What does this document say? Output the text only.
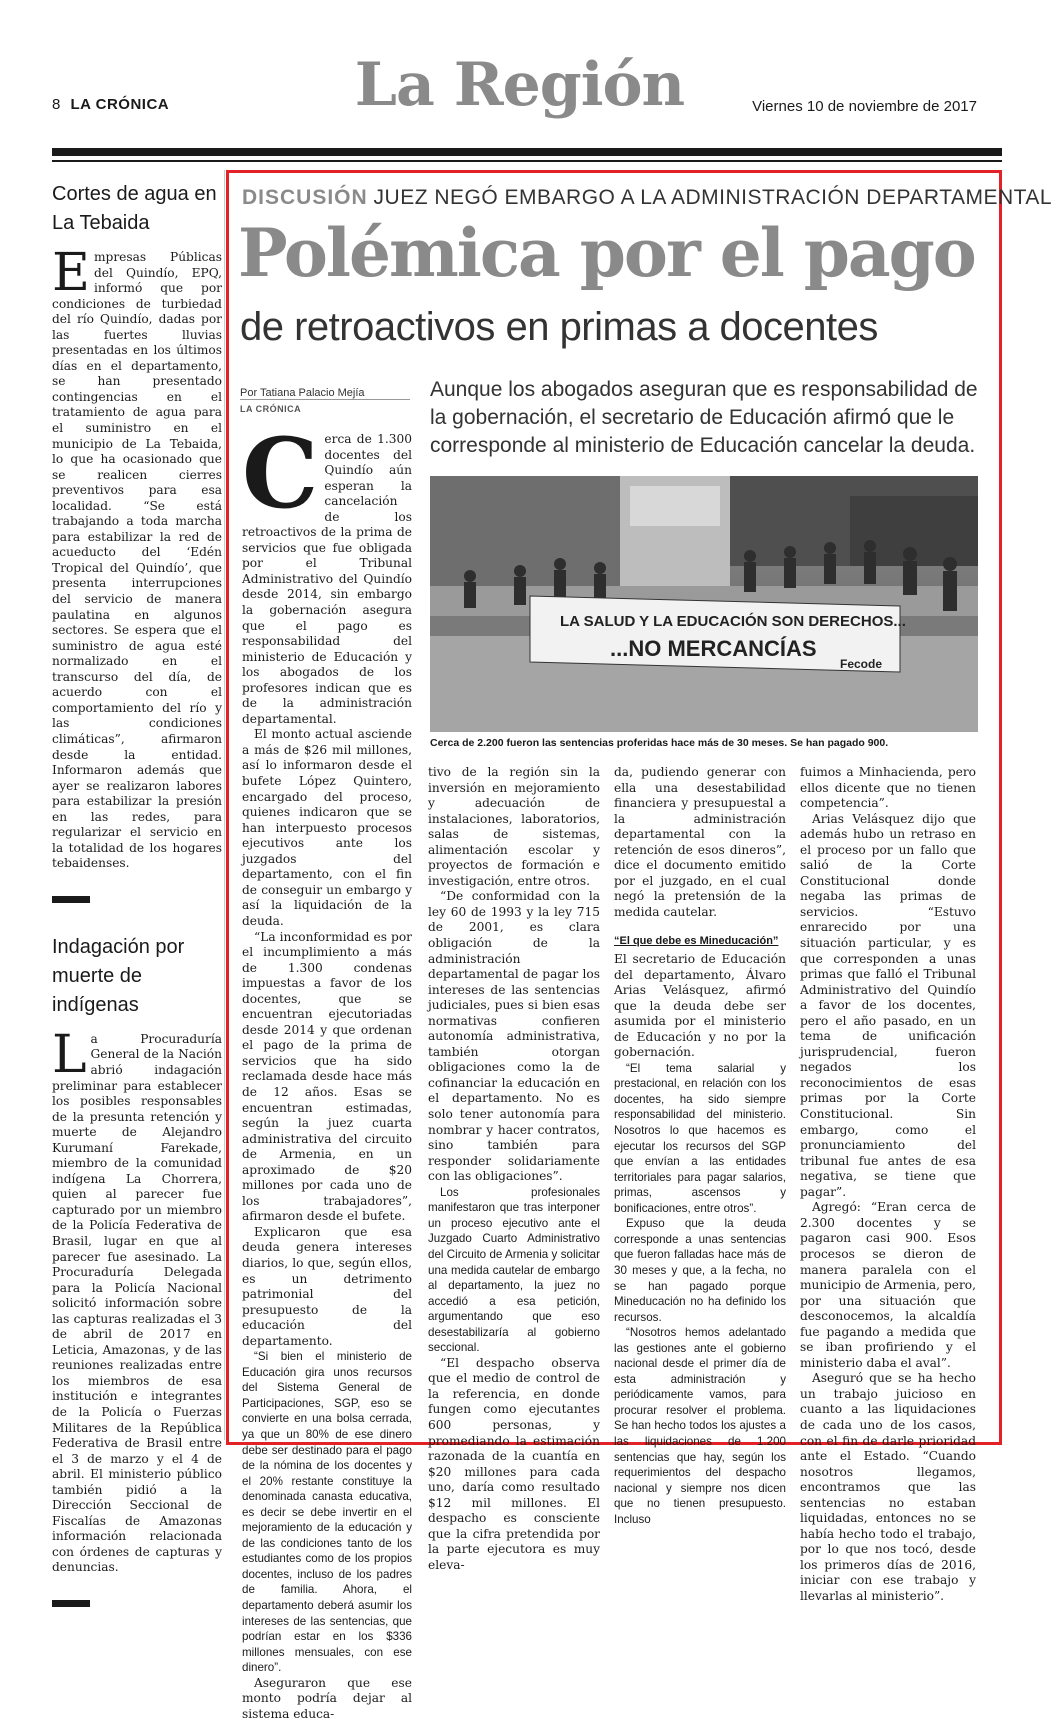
8 LA CRÓNICA	La Región	Viernes 10 de noviembre de 2017
Cortes de agua en La Tebaida

Empresas Públicas del Quindío, EPQ, informó que por condiciones de turbiedad del río Quindío, dadas por las fuertes lluvias presentadas en los últimos días en el departamento, se han presentado contingencias en el tratamiento de agua para el suministro en el municipio de La Tebaida, lo que ha ocasionado que se realicen cierres preventivos para esa localidad. “Se está trabajando a toda marcha para estabilizar la red de acueducto del ‘Edén Tropical del Quindío’, que presenta interrupciones del servicio de manera paulatina en algunos sectores. Se espera que el suministro de agua esté normalizado en el transcurso del día, de acuerdo con el comportamiento del río y las condiciones climáticas”, afirmaron desde la entidad. Informaron además que ayer se realizaron labores para estabilizar la presión en las redes, para regularizar el servicio en la totalidad de los hogares tebaidenses.

Indagación por muerte de indígenas

La Procuraduría General de la Nación abrió indagación preliminar para establecer los posibles responsables de la presunta retención y muerte de Alejandro Kurumaní Farekade, miembro de la comunidad indígena La Chorrera, quien al parecer fue capturado por un miembro de la Policía Federativa de Brasil, lugar en que al parecer fue asesinado. La Procuraduría Delegada para la Policía Nacional solicitó información sobre las capturas realizadas el 3 de abril de 2017 en Leticia, Amazonas, y de las reuniones realizadas entre los miembros de esa institución e integrantes de la Policía o Fuerzas Militares de la República Federativa de Brasil entre el 3 de marzo y el 4 de abril. El ministerio público también pidió a la Dirección Seccional de Fiscalías de Amazonas información relacionada con órdenes de capturas y denuncias.

DISCUSIÓN JUEZ NEGÓ EMBARGO A LA ADMINISTRACIÓN DEPARTAMENTAL
Polémica por el pago
de retroactivos en primas a docentes
Por Tatiana Palacio Mejía
LA CRÓNICA
Aunque los abogados aseguran que es responsabilidad de la gobernación, el secretario de Educación afirmó que le corresponde al ministerio de Educación cancelar la deuda.
LA SALUD Y LA EDUCACIÓN SON DERECHOS...
...NO MERCANCÍAS
Fecode
Cerca de 2.200 fueron las sentencias proferidas hace más de 30 meses. Se han pagado 900.

Cerca de 1.300 docentes del Quindío aún esperan la cancelación de los retroactivos de la prima de servicios que fue obligada por el Tribunal Administrativo del Quindío desde 2014, sin embargo la gobernación asegura que el pago es responsabilidad del ministerio de Educación y los abogados de los profesores indican que es de la administración departamental.

El monto actual asciende a más de $26 mil millones, así lo informaron desde el bufete López Quintero, encargado del proceso, quienes indicaron que se han interpuesto procesos ejecutivos ante los juzgados del departamento, con el fin de conseguir un embargo y así la liquidación de la deuda.

“La inconformidad es por el incumplimiento a más de 1.300 condenas impuestas a favor de los docentes, que se encuentran ejecutoriadas desde 2014 y que ordenan el pago de la prima de servicios que ha sido reclamada desde hace más de 12 años. Esas se encuentran estimadas, según la juez cuarta administrativa del circuito de Armenia, en un aproximado de $20 millones por cada uno de los trabajadores”, afirmaron desde el bufete.

Explicaron que esa deuda genera intereses diarios, lo que, según ellos, es un detrimento patrimonial del presupuesto de la educación del departamento.

“Si bien el ministerio de Educación gira unos recursos del Sistema General de Participaciones, SGP, eso se convierte en una bolsa cerrada, ya que un 80% de ese dinero debe ser destinado para el pago de la nómina de los docentes y el 20% restante constituye la denominada canasta educativa, es decir se debe invertir en el mejoramiento de la educación y de las condiciones tanto de los estudiantes como de los propios docentes, incluso de los padres de familia. Ahora, el departamento deberá asumir los intereses de las sentencias, que podrían estar en los $336 millones mensuales, con ese dinero”.

Aseguraron que ese monto podría dejar al sistema educa-

tivo de la región sin la inversión en mejoramiento y adecuación de instalaciones, laboratorios, salas de sistemas, alimentación escolar y proyectos de formación e investigación, entre otros.

“De conformidad con la ley 60 de 1993 y la ley 715 de 2001, es clara obligación de la administración departamental de pagar los intereses de las sentencias judiciales, pues si bien esas normativas confieren autonomía administrativa, también otorgan obligaciones como la de cofinanciar la educación en el departamento. No es solo tener autonomía para nombrar y hacer contratos, sino también para responder solidariamente con las obligaciones”.

Los profesionales manifestaron que tras interponer un proceso ejecutivo ante el Juzgado Cuarto Administrativo del Circuito de Armenia y solicitar una medida cautelar de embargo al departamento, la juez no accedió a esa petición, argumentando que eso desestabilizaría al gobierno seccional.

“El despacho observa que el medio de control de la referencia, en donde fungen como ejecutantes 600 personas, y promediando la estimación razonada de la cuantía en $20 millones para cada uno, daría como resultado $12 mil millones. El despacho es consciente que la cifra pretendida por la parte ejecutora es muy eleva-

da, pudiendo generar con ella una desestabilidad financiera y presupuestal a la administración departamental con la retención de esos dineros”, dice el documento emitido por el juzgado, en el cual negó la pretensión de la medida cautelar.

“El que debe es Mineducación”

El secretario de Educación del departamento, Álvaro Arias Velásquez, afirmó que la deuda debe ser asumida por el ministerio de Educación y no por la gobernación.

“El tema salarial y prestacional, en relación con los docentes, ha sido siempre responsabilidad del ministerio. Nosotros lo que hacemos es ejecutar los recursos del SGP que envían a las entidades territoriales para pagar salarios, primas, ascensos y bonificaciones, entre otros”.

Expuso que la deuda corresponde a unas sentencias que fueron falladas hace más de 30 meses y que, a la fecha, no se han pagado porque Mineducación no ha definido los recursos.

“Nosotros hemos adelantado las gestiones ante el gobierno nacional desde el primer día de esta administración y periódicamente vamos, para procurar resolver el problema. Se han hecho todos los ajustes a las liquidaciones de 1.200 sentencias que hay, según los requerimientos del despacho nacional y siempre nos dicen que no tienen presupuesto. Incluso

fuimos a Minhacienda, pero ellos dicente que no tienen competencia”.

Arias Velásquez dijo que además hubo un retraso en el proceso por un fallo que salió de la Corte Constitucional donde negaba las primas de servicios. “Estuvo enrarecido por una situación particular, y es que corresponden a unas primas que falló el Tribunal Administrativo del Quindío a favor de los docentes, pero el año pasado, en un tema de unificación jurisprudencial, fueron negados los reconocimientos de esas primas por la Corte Constitucional. Sin embargo, como el pronunciamiento del tribunal fue antes de esa negativa, se tiene que pagar”.

Agregó: “Eran cerca de 2.300 docentes y se pagaron casi 900. Esos procesos se dieron de manera paralela con el municipio de Armenia, pero, por una situación que desconocemos, la alcaldía fue pagando a medida que se iban profiriendo y el ministerio daba el aval”.

Aseguró que se ha hecho un trabajo juicioso en cuanto a las liquidaciones de cada uno de los casos, con el fin de darle prioridad ante el Estado. “Cuando nosotros llegamos, encontramos que las sentencias no estaban liquidadas, entonces no se había hecho todo el trabajo, por lo que nos tocó, desde los primeros días de 2016, iniciar con ese trabajo y llevarlas al ministerio”.
